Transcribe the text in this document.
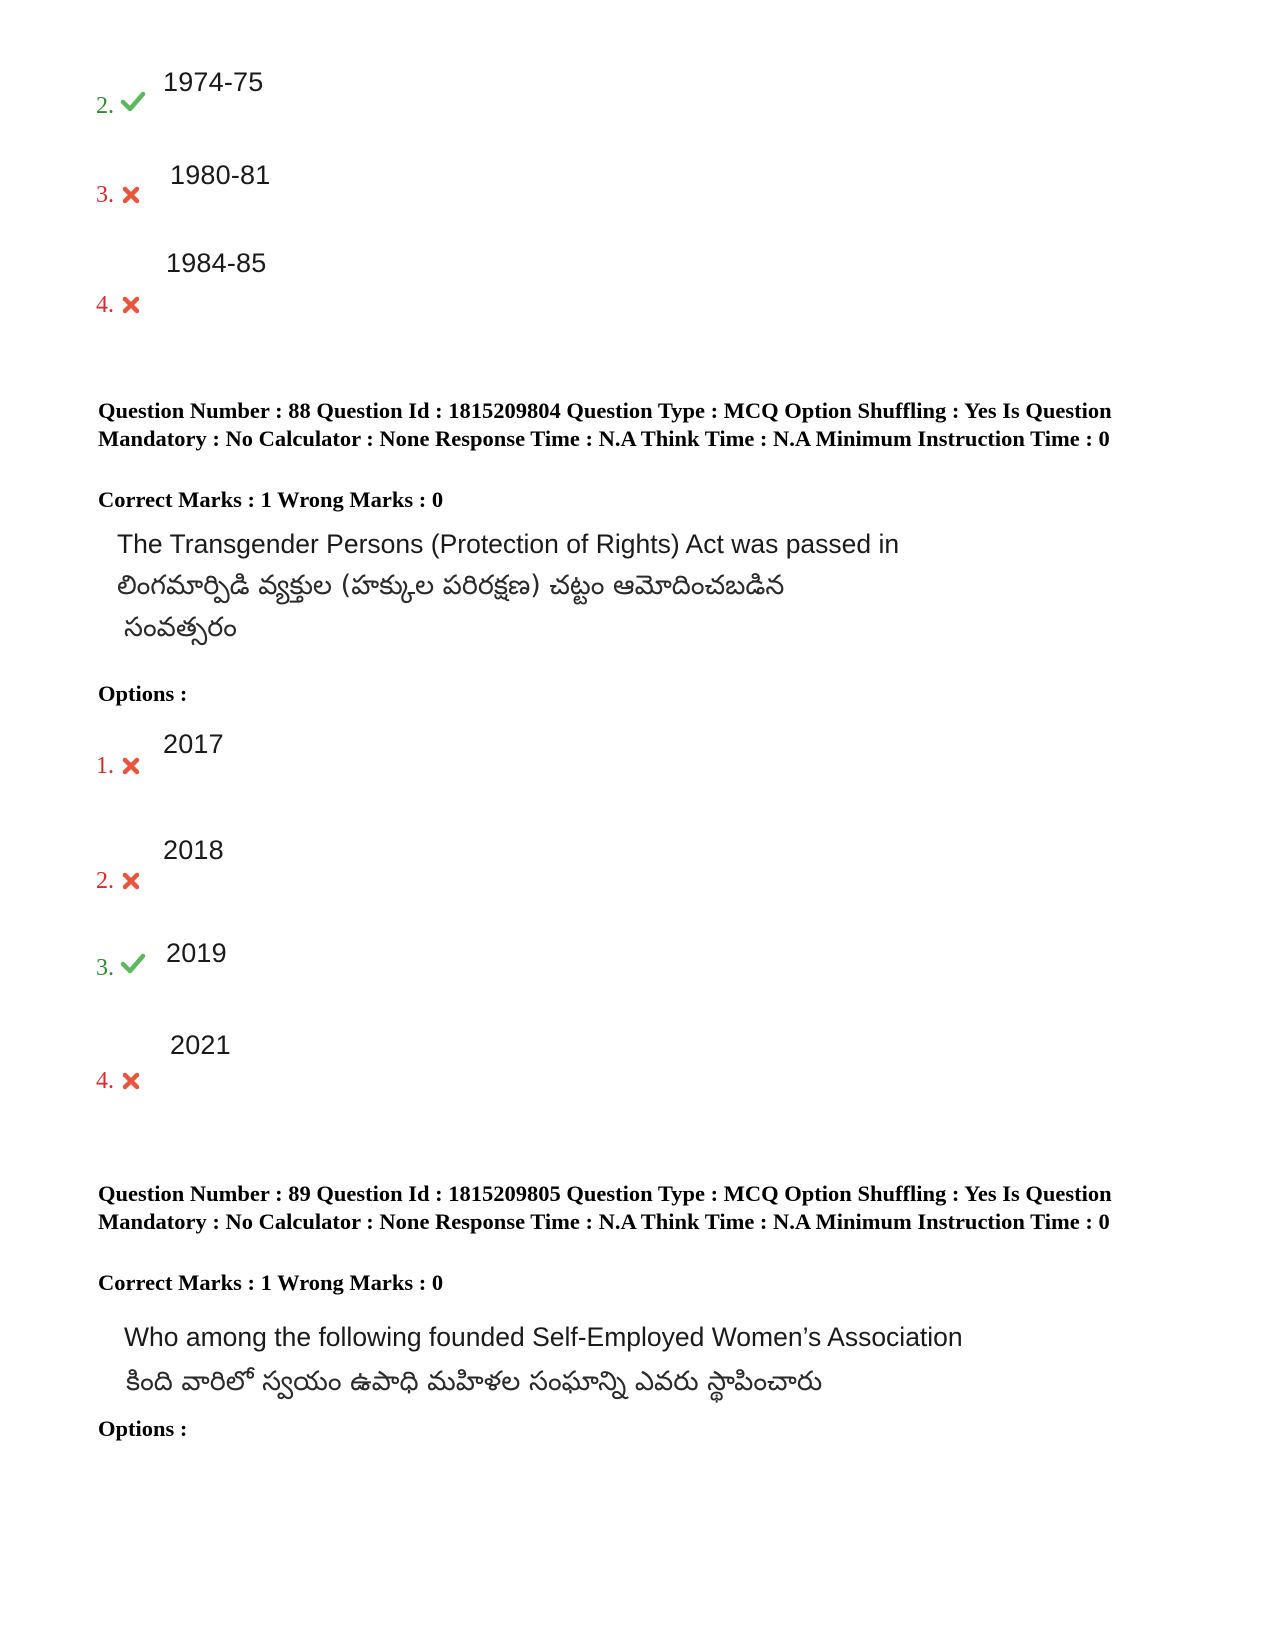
2.
1974-75
3.
1980-81
4.
1984-85
Question Number : 88 Question Id : 1815209804 Question Type : MCQ Option Shuffling : Yes Is Question Mandatory : No Calculator : None Response Time : N.A Think Time : N.A Minimum Instruction Time : 0
Correct Marks : 1 Wrong Marks : 0
The Transgender Persons (Protection of Rights) Act was passed in
లింగమార్పిడి వ్యక్తుల (హక్కుల పరిరక్షణ) చట్టం ఆమోదించబడిన
సంవత్సరం
Options :
1.
2017
2.
2018
3. 2019
4.
2021
Question Number : 89 Question Id : 1815209805 Question Type : MCQ Option Shuffling : Yes Is Question Mandatory : No Calculator : None Response Time : N.A Think Time : N.A Minimum Instruction Time : 0
Correct Marks : 1 Wrong Marks : 0
Who among the following founded Self-Employed Women’s Association
కింది వారిలో స్వయం ఉపాధి మహిళల సంఘాన్ని ఎవరు స్థాపించారు
Options :
